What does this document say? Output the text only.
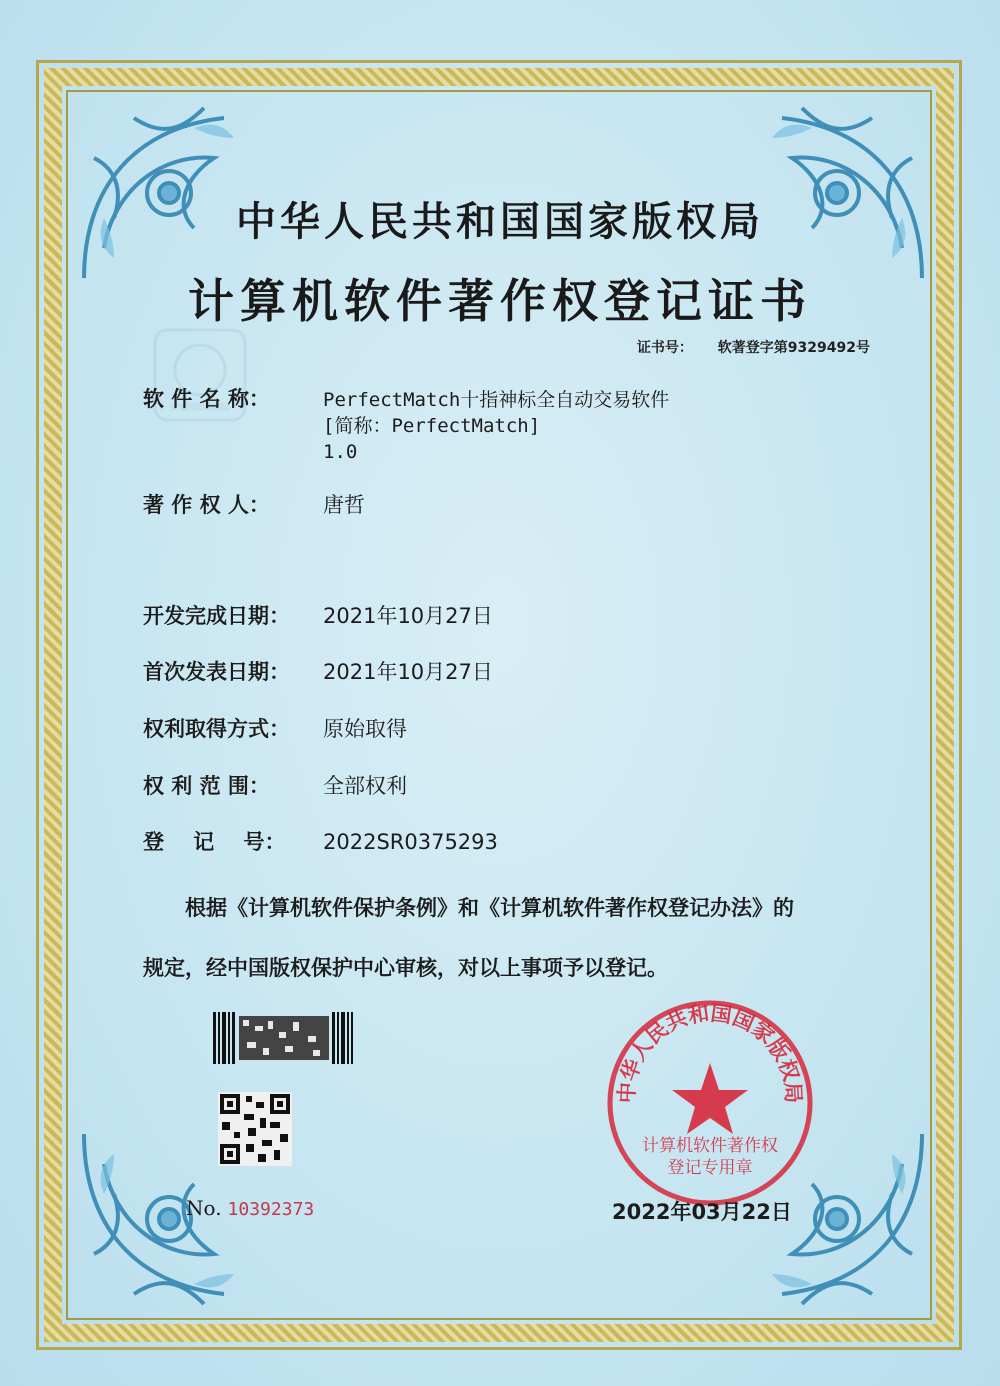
中华人民共和国国家版权局
计算机软件著作权登记证书
证书号： 软著登字第9329492号
软 件 名 称：	PerfectMatch十指神标全自动交易软件
[简称：PerfectMatch]
1.0
著 作 权 人：	唐哲
开发完成日期： 2021年10月27日
首次发表日期： 2021年10月27日
权利取得方式： 原始取得
权 利 范 围：	全部权利
登    记    号： 2022SR0375293
根据《计算机软件保护条例》和《计算机软件著作权登记办法》的
规定，经中国版权保护中心审核，对以上事项予以登记。
No. 10392373
中华人民共和国国家版权局
计算机软件著作权
登记专用章
2022年03月22日
